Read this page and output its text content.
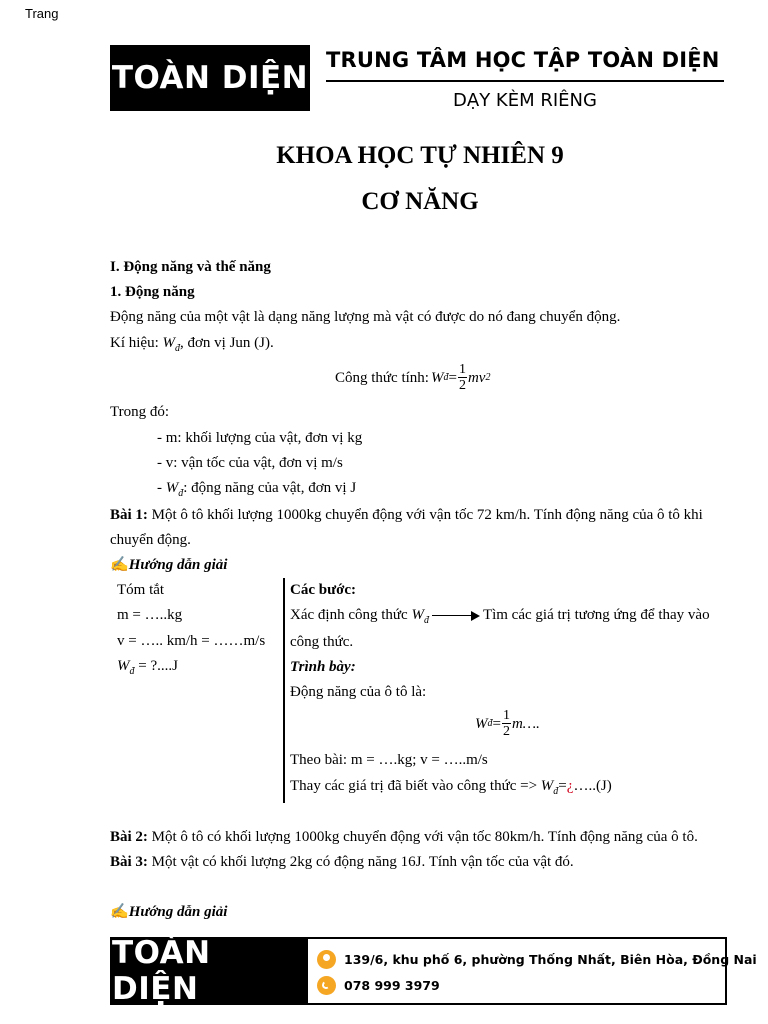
Trang
TOÀN DIỆN TRUNG TÂM HỌC TẬP TOÀN DIỆN
DẠY KÈM RIÊNG
KHOA HỌC TỰ NHIÊN 9
CƠ NĂNG
I. Động năng và thế năng
1. Động năng
Động năng của một vật là dạng năng lượng mà vật có được do nó đang chuyển động.
Kí hiệu: $W_đ$, đơn vị Jun (J).
Công thức tính: W đ = $\frac{1}{2}$ mv 2
Trong đó:
- m: khối lượng của vật, đơn vị kg
- v: vận tốc của vật, đơn vị m/s
- $W_đ$: động năng của vật, đơn vị J
Bài 1: Một ô tô khối lượng 1000kg chuyển động với vận tốc 72 km/h. Tính động năng của ô tô khi
chuyển động.
✍Hướng dẫn giải
Tóm tắt
m = …..kg
v = ….. km/h = ……m/s
$W_đ$ = ?....J
Các bước:
Xác định công thức $W_đ$	Tìm các giá trị tương ứng để thay vào
công thức.
Trình bày:
Động năng của ô tô là:
W đ = $\frac{1}{2}$ m….
Theo bài: m = ….kg; v = …..m/s
Thay các giá trị đã biết vào công thức => $W_đ=¿\dots..(J)$
Bài 2: Một ô tô có khối lượng 1000kg chuyển động với vận tốc 80km/h. Tính động năng của ô tô.
Bài 3: Một vật có khối lượng 2kg có động năng 16J. Tính vận tốc của vật đó.
✍Hướng dẫn giải
TOÀN DIỆN
139/6, khu phố 6, phường Thống Nhất, Biên Hòa, Đồng Nai
078 999 3979
